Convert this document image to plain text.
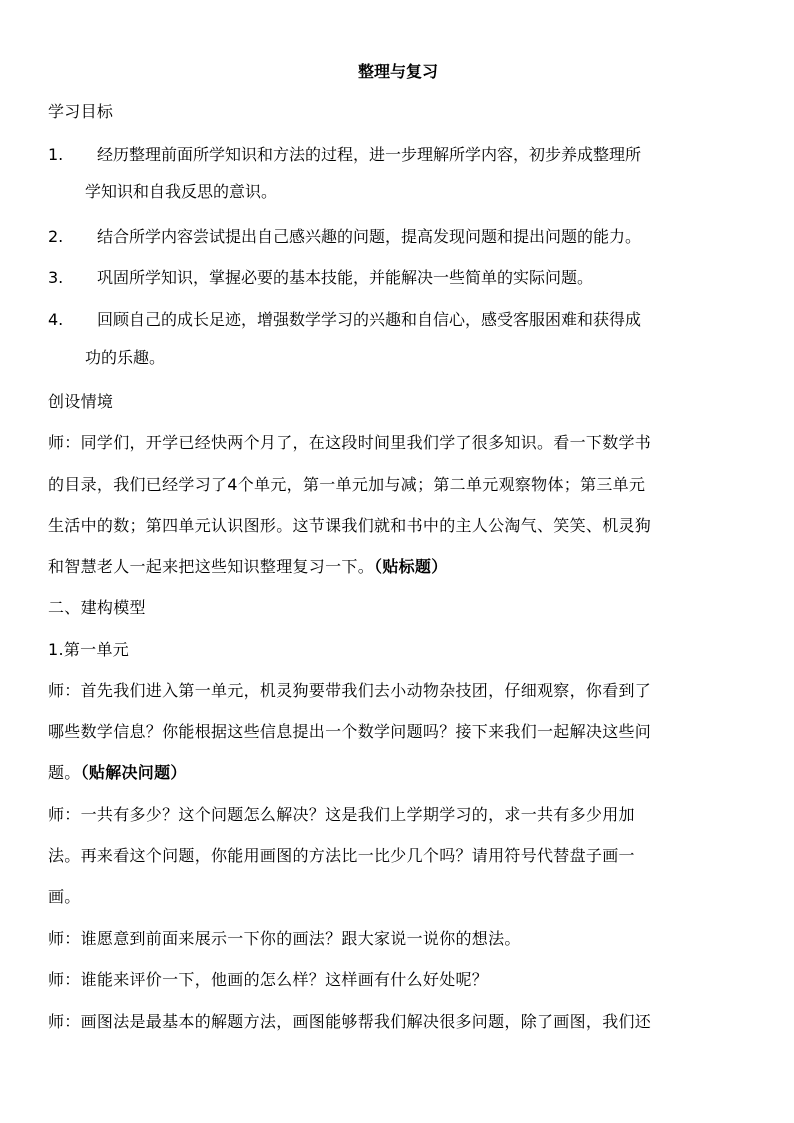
整理与复习
学习目标
1. 经历整理前面所学知识和方法的过程，进一步理解所学内容，初步养成整理所
学知识和自我反思的意识。
2. 结合所学内容尝试提出自己感兴趣的问题，提高发现问题和提出问题的能力。
3. 巩固所学知识，掌握必要的基本技能，并能解决一些简单的实际问题。
4. 回顾自己的成长足迹，增强数学学习的兴趣和自信心，感受客服困难和获得成
功的乐趣。
创设情境
师：同学们，开学已经快两个月了，在这段时间里我们学了很多知识。看一下数学书
的目录，我们已经学习了4个单元，第一单元加与减；第二单元观察物体；第三单元
生活中的数；第四单元认识图形。这节课我们就和书中的主人公淘气、笑笑、机灵狗
和智慧老人一起来把这些知识整理复习一下。（贴标题）
二、建构模型
1.第一单元
师：首先我们进入第一单元，机灵狗要带我们去小动物杂技团，仔细观察，你看到了
哪些数学信息？你能根据这些信息提出一个数学问题吗？接下来我们一起解决这些问
题。（贴解决问题）
师：一共有多少？这个问题怎么解决？这是我们上学期学习的，求一共有多少用加
法。再来看这个问题，你能用画图的方法比一比少几个吗？请用符号代替盘子画一
画。
师：谁愿意到前面来展示一下你的画法？跟大家说一说你的想法。
师：谁能来评价一下，他画的怎么样？这样画有什么好处呢？
师：画图法是最基本的解题方法，画图能够帮我们解决很多问题，除了画图，我们还
